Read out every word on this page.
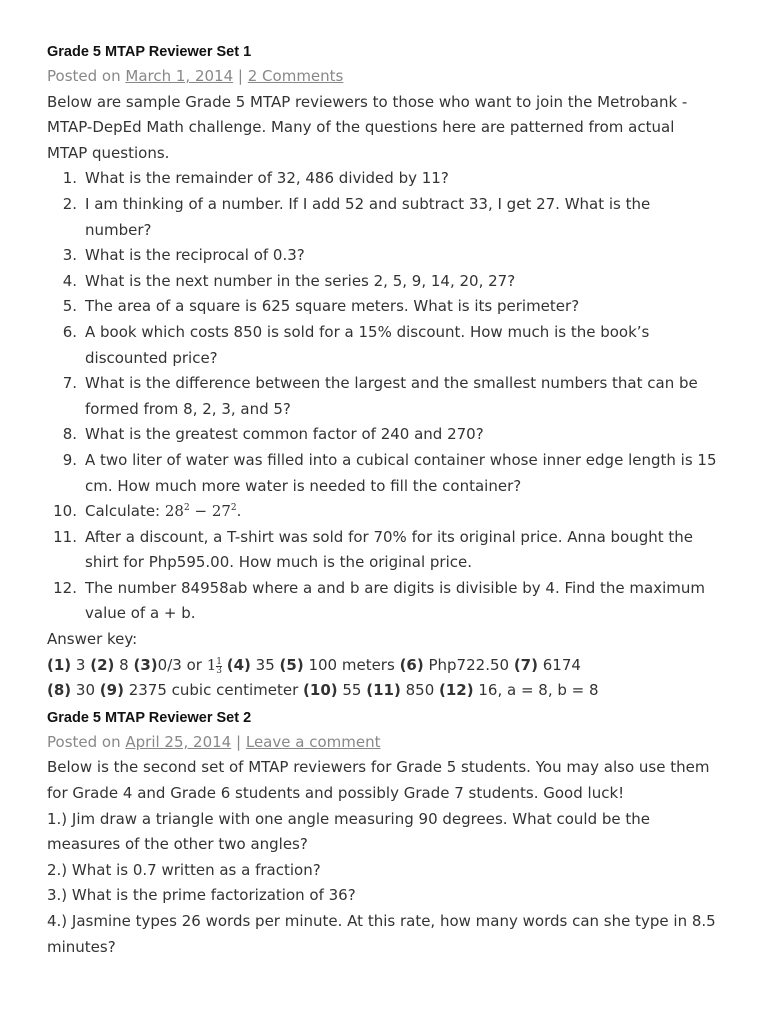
Grade 5 MTAP Reviewer Set 1

Posted on March 1, 2014 | 2 Comments

Below are sample Grade 5 MTAP reviewers to those who want to join the Metrobank -MTAP-DepEd Math challenge. Many of the questions here are patterned from actual MTAP questions.

1. What is the remainder of 32, 486 divided by 11?
2. I am thinking of a number. If I add 52 and subtract 33, I get 27. What is the number?
3. What is the reciprocal of 0.3?
4. What is the next number in the series 2, 5, 9, 14, 20, 27?
5. The area of a square is 625 square meters. What is its perimeter?
6. A book which costs 850 is sold for a 15% discount. How much is the book’s discounted price?
7. What is the difference between the largest and the smallest numbers that can be formed from 8, 2, 3, and 5?
8. What is the greatest common factor of 240 and 270?
9. A two liter of water was filled into a cubical container whose inner edge length is 15 cm. How much more water is needed to fill the container?
10. Calculate: $28^2 - 27^2$.
11. After a discount, a T-shirt was sold for 70% for its original price. Anna bought the shirt for Php595.00. How much is the original price.
12. The number 84958ab where a and b are digits is divisible by 4. Find the maximum value of a + b.

Answer key:

(1) 3 (2) 8 (3)0/3 or $1\frac{1}{3} (4)$ 35 (5) 100 meters (6) Php722.50 (7) 6174

(8) 30 (9) 2375 cubic centimeter (10) 55 (11) 850 (12) 16, a = 8, b = 8

Grade 5 MTAP Reviewer Set 2

Posted on April 25, 2014 | Leave a comment

Below is the second set of MTAP reviewers for Grade 5 students. You may also use them for Grade 4 and Grade 6 students and possibly Grade 7 students. Good luck!

1.) Jim draw a triangle with one angle measuring 90 degrees. What could be the measures of the other two angles?

2.) What is 0.7 written as a fraction?

3.) What is the prime factorization of 36?

4.) Jasmine types 26 words per minute. At this rate, how many words can she type in 8.5 minutes?
